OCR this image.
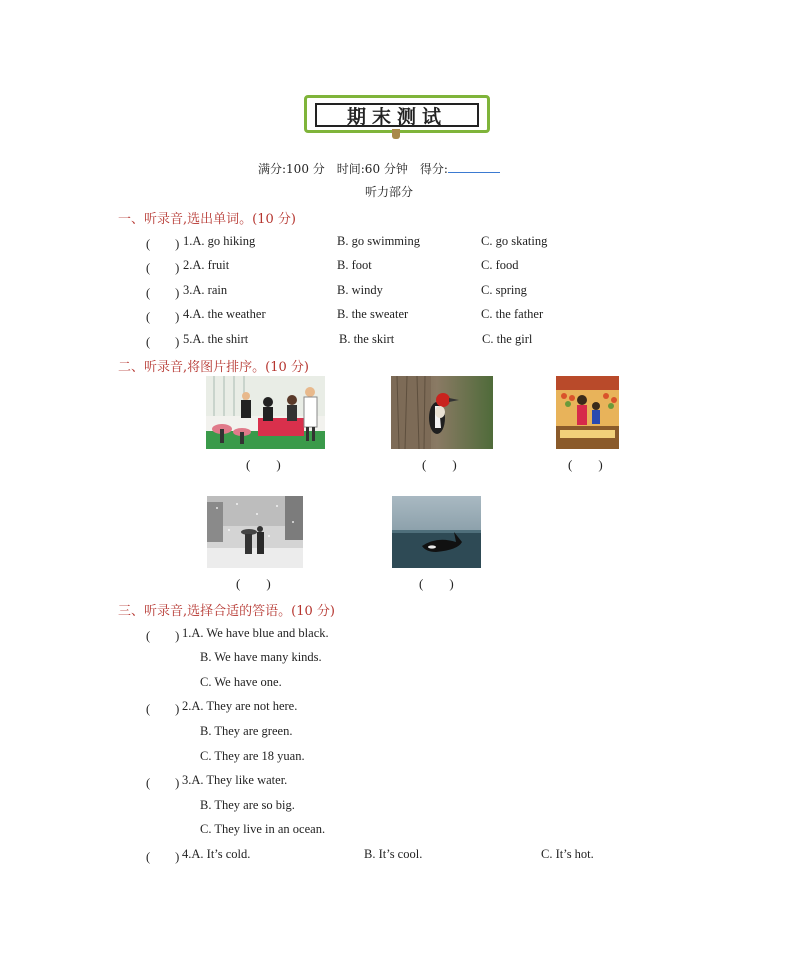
期末测试
满分:100 分　时间:60 分钟　得分:
听力部分
一、听录音,选出单词。(10 分)
(　　) 1.A. go hiking	B. go swimming	C. go skating
(　　) 2.A. fruit	B. foot	C. food
(　　) 3.A. rain	B. windy	C. spring
(　　) 4.A. the weather	B. the sweater	C. the father
(　　) 5.A. the shirt	B. the skirt	C. the girl
二、听录音,将图片排序。(10 分)
(　　)	(　　)	(　　)
(　　)	(　　)
三、听录音,选择合适的答语。(10 分)
(　　) 1.A. We have blue and black.
B. We have many kinds.
C. We have one.
(　　) 2.A. They are not here.
B. They are green.
C. They are 18 yuan.
(　　) 3.A. They like water.
B. They are so big.
C. They live in an ocean.
(　　) 4.A. It’s cold.	B. It’s cool.	C. It’s hot.
